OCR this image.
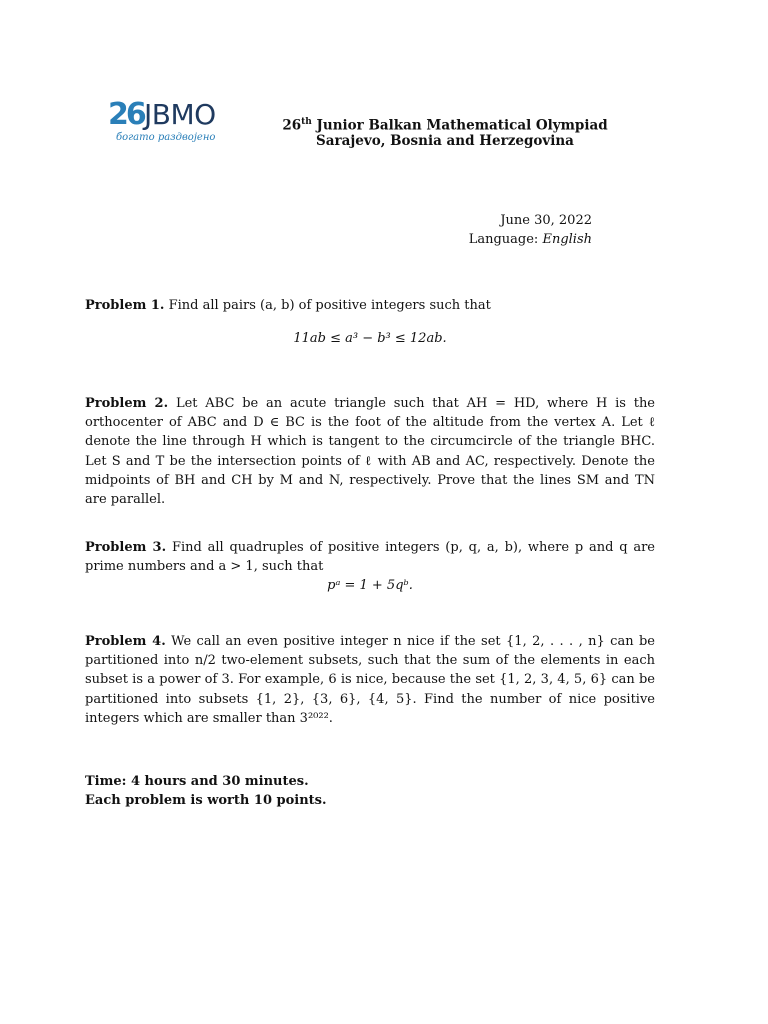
26 JBMO
богато раздвојено
26th Junior Balkan Mathematical Olympiad
Sarajevo, Bosnia and Herzegovina
June 30, 2022
Language: English
Problem 1. Find all pairs (a, b) of positive integers such that
11ab ≤ a³ − b³ ≤ 12ab.
Problem 2. Let ABC be an acute triangle such that AH = HD, where H is the orthocenter of ABC and D ∈ BC is the foot of the altitude from the vertex A. Let ℓ denote the line through H which is tangent to the circumcircle of the triangle BHC. Let S and T be the intersection points of ℓ with AB and AC, respectively. Denote the midpoints of BH and CH by M and N, respectively. Prove that the lines SM and TN are parallel.
Problem 3. Find all quadruples of positive integers (p, q, a, b), where p and q are prime numbers and a > 1, such that
pᵃ = 1 + 5qᵇ.
Problem 4. We call an even positive integer n nice if the set {1, 2, . . . , n} can be partitioned into n/2 two-element subsets, such that the sum of the elements in each subset is a power of 3. For example, 6 is nice, because the set {1, 2, 3, 4, 5, 6} can be partitioned into subsets {1, 2}, {3, 6}, {4, 5}. Find the number of nice positive integers which are smaller than 3²⁰²².
Time: 4 hours and 30 minutes.
Each problem is worth 10 points.
